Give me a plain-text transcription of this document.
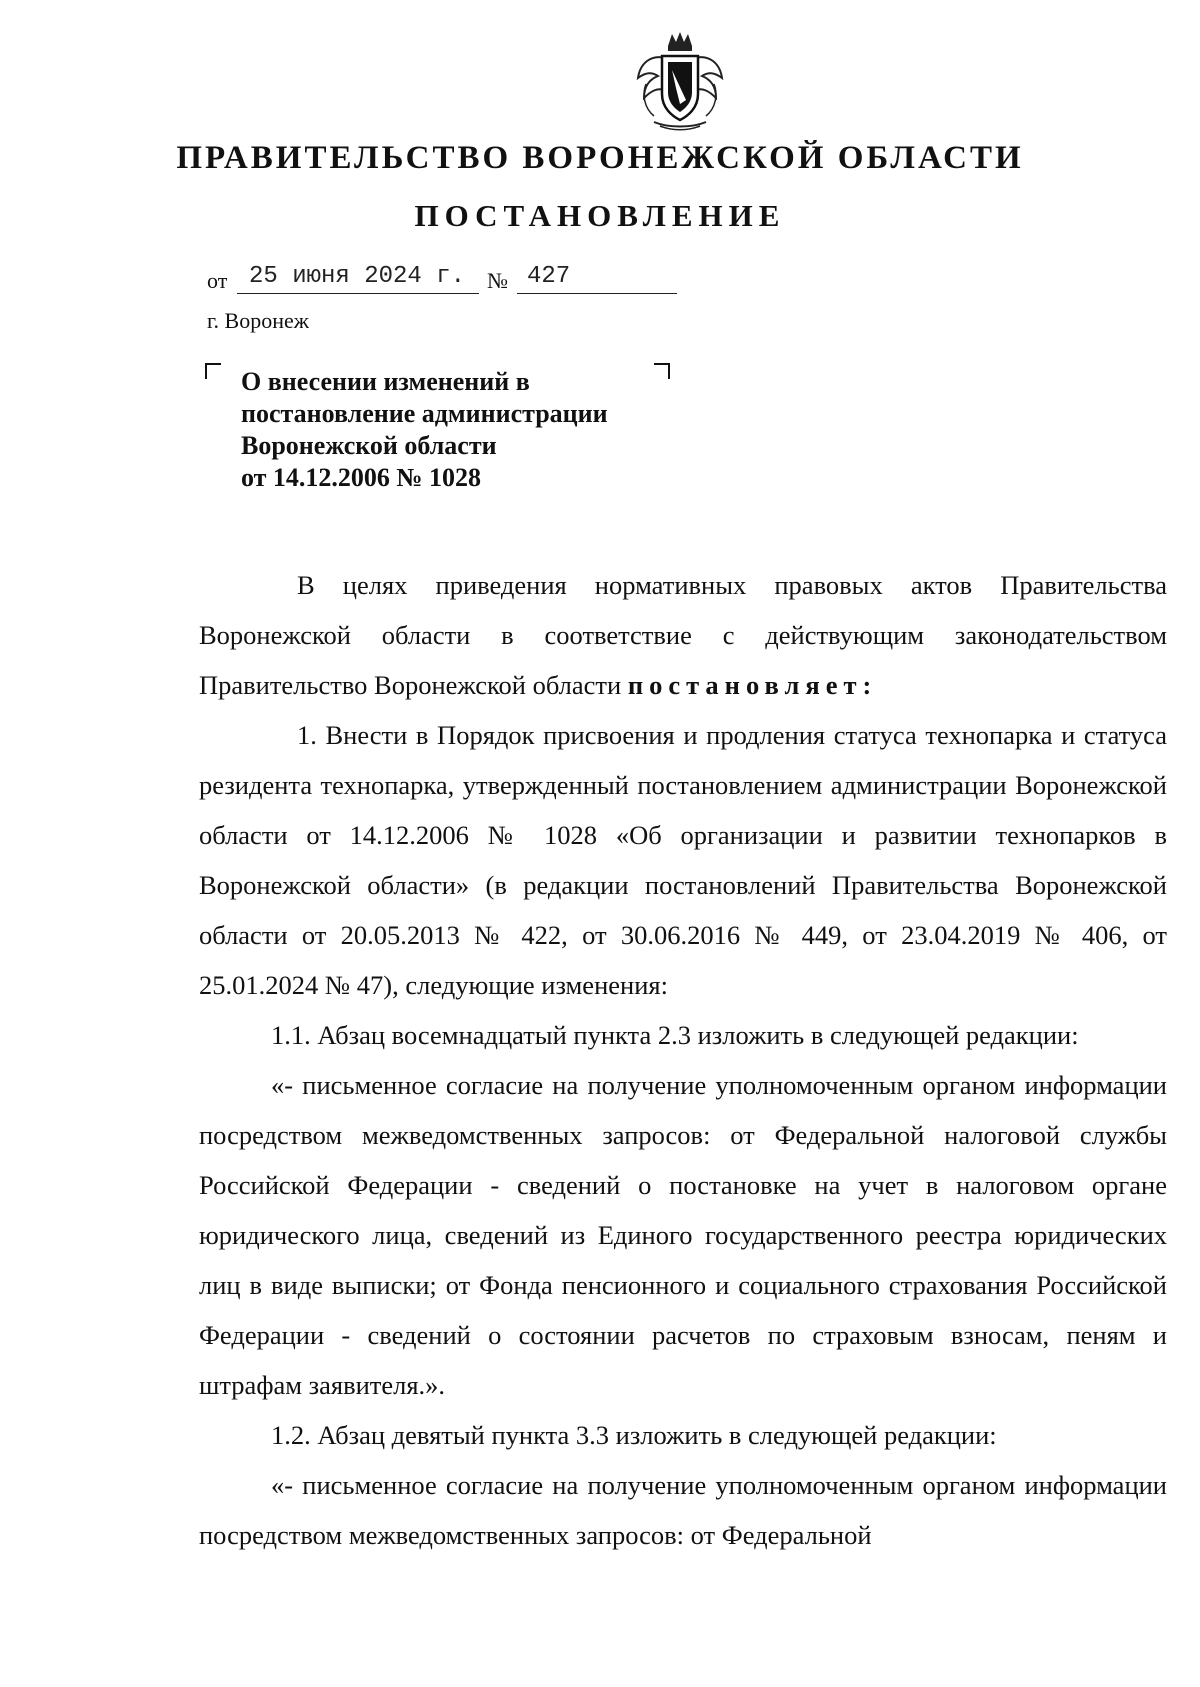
ПРАВИТЕЛЬСТВО ВОРОНЕЖСКОЙ ОБЛАСТИ
ПОСТАНОВЛЕНИЕ
от 25 июня 2024 г. № 427
г. Воронеж
О внесении изменений в
постановление администрации
Воронежской области
от 14.12.2006 № 1028

В целях приведения нормативных правовых актов Правительства Воронежской области в соответствие с действующим законодательством Правительство Воронежской области постановляет:

1. Внести в Порядок присвоения и продления статуса технопарка и статуса резидента технопарка, утвержденный постановлением администрации Воронежской области от 14.12.2006 № 1028 «Об организации и развитии технопарков в Воронежской области» (в редакции постановлений Правительства Воронежской области от 20.05.2013 № 422, от 30.06.2016 № 449, от 23.04.2019 № 406, от 25.01.2024 № 47), следующие изменения:

1.1. Абзац восемнадцатый пункта 2.3 изложить в следующей редакции:

«- письменное согласие на получение уполномоченным органом информации посредством межведомственных запросов: от Федеральной налоговой службы Российской Федерации - сведений о постановке на учет в налоговом органе юридического лица, сведений из Единого государственного реестра юридических лиц в виде выписки; от Фонда пенсионного и социального страхования Российской Федерации - сведений о состоянии расчетов по страховым взносам, пеням и штрафам заявителя.».

1.2. Абзац девятый пункта 3.3 изложить в следующей редакции:

«- письменное согласие на получение уполномоченным органом информации посредством межведомственных запросов: от Федеральной
